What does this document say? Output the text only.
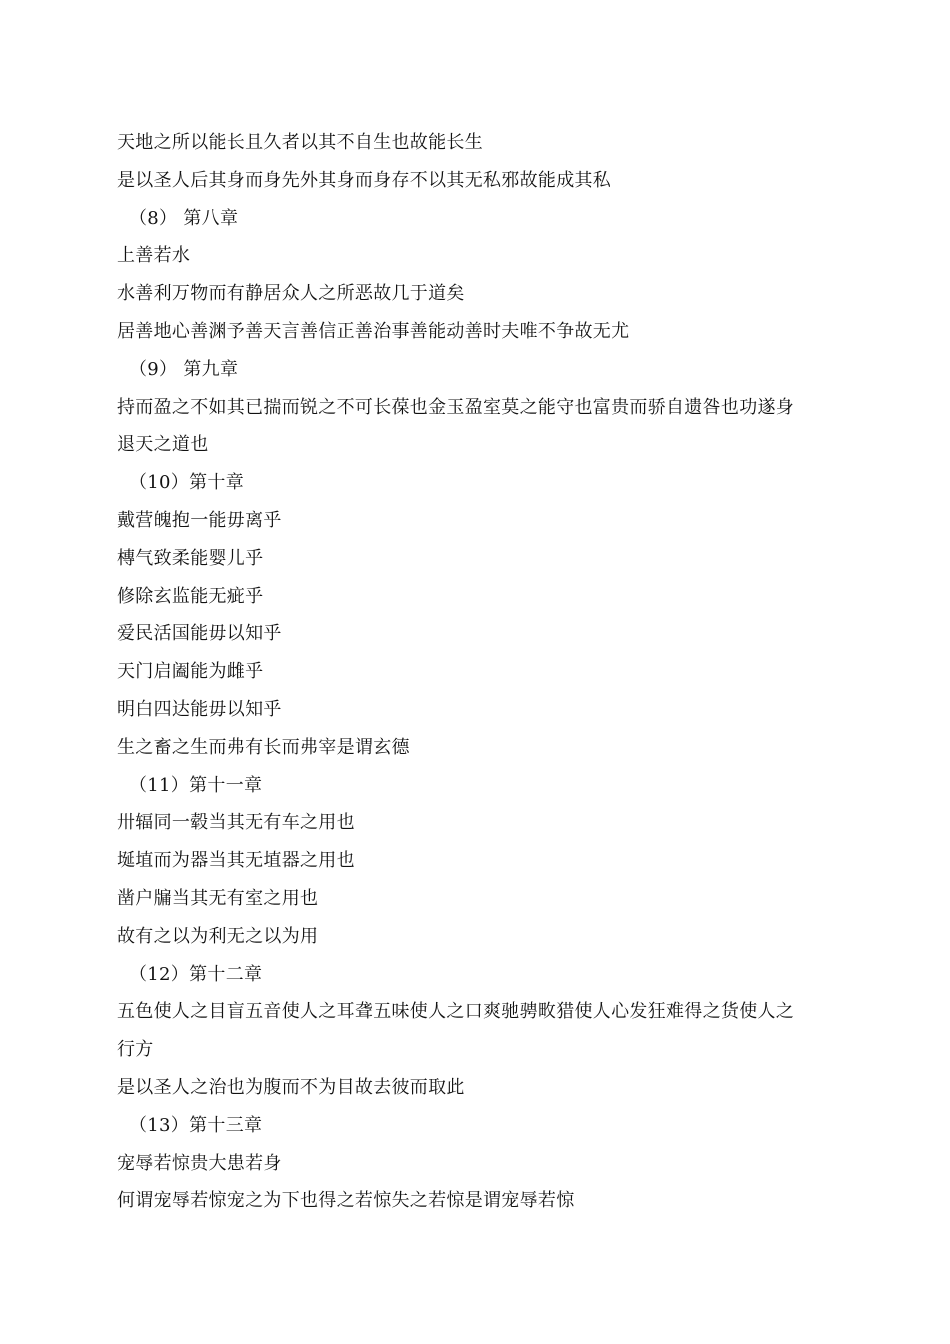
天地之所以能长且久者以其不自生也故能长生
是以圣人后其身而身先外其身而身存不以其无私邪故能成其私
（8） 第八章
上善若水
水善利万物而有静居众人之所恶故几于道矣
居善地心善渊予善天言善信正善治事善能动善时夫唯不争故无尤
（9） 第九章
持而盈之不如其已揣而锐之不可长葆也金玉盈室莫之能守也富贵而骄自遗咎也功遂身
退天之道也
（10）第十章
戴营魄抱一能毋离乎
槫气致柔能婴儿乎
修除玄监能无疵乎
爱民活国能毋以知乎
天门启阖能为雌乎
明白四达能毋以知乎
生之畜之生而弗有长而弗宰是谓玄德
（11）第十一章
卅辐同一毂当其无有车之用也
埏埴而为器当其无埴器之用也
凿户牖当其无有室之用也
故有之以为利无之以为用
（12）第十二章
五色使人之目盲五音使人之耳聋五味使人之口爽驰骋畋猎使人心发狂难得之货使人之
行方
是以圣人之治也为腹而不为目故去彼而取此
（13）第十三章
宠辱若惊贵大患若身
何谓宠辱若惊宠之为下也得之若惊失之若惊是谓宠辱若惊
